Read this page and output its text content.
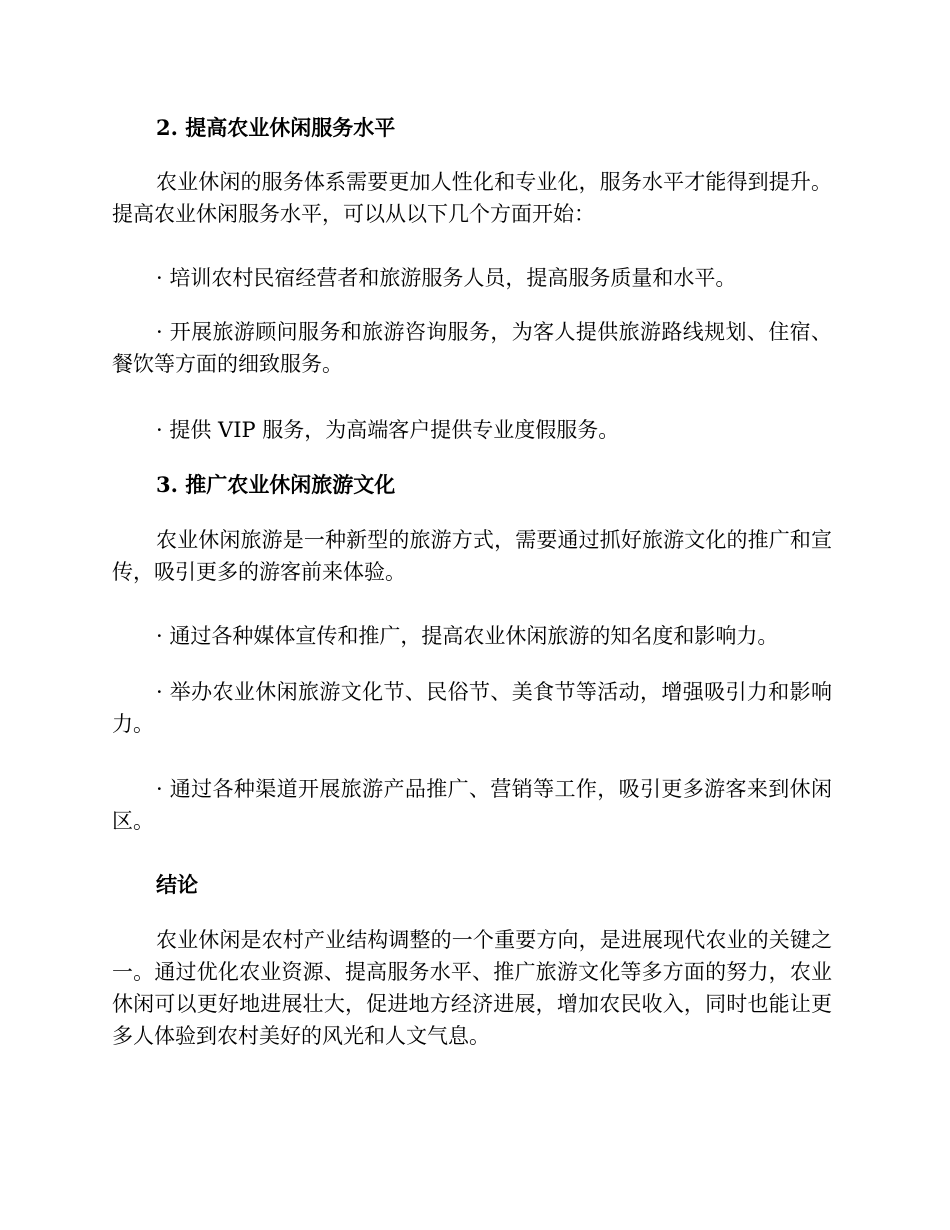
2. 提高农业休闲服务水平

农业休闲的服务体系需要更加人性化和专业化，服务水平才能得到提升。提高农业休闲服务水平，可以从以下几个方面开始：

· 培训农村民宿经营者和旅游服务人员，提高服务质量和水平。

· 开展旅游顾问服务和旅游咨询服务，为客人提供旅游路线规划、住宿、餐饮等方面的细致服务。

· 提供 VIP 服务，为高端客户提供专业度假服务。

3. 推广农业休闲旅游文化

农业休闲旅游是一种新型的旅游方式，需要通过抓好旅游文化的推广和宣传，吸引更多的游客前来体验。

· 通过各种媒体宣传和推广，提高农业休闲旅游的知名度和影响力。

· 举办农业休闲旅游文化节、民俗节、美食节等活动，增强吸引力和影响力。

· 通过各种渠道开展旅游产品推广、营销等工作，吸引更多游客来到休闲区。

结论

农业休闲是农村产业结构调整的一个重要方向，是进展现代农业的关键之一。通过优化农业资源、提高服务水平、推广旅游文化等多方面的努力，农业休闲可以更好地进展壮大，促进地方经济进展，增加农民收入，同时也能让更多人体验到农村美好的风光和人文气息。
